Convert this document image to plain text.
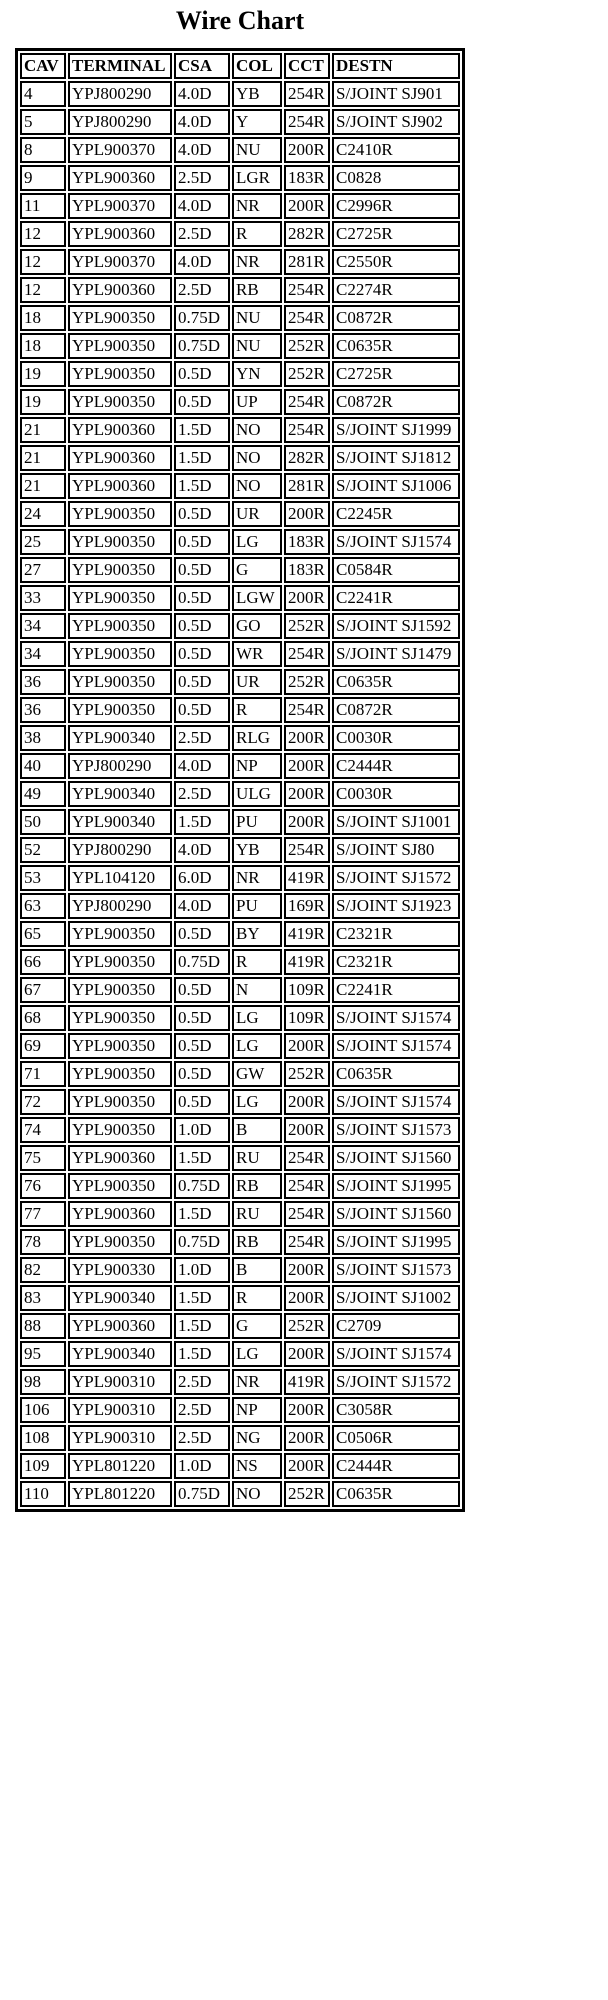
Wire Chart
CAV	TERMINAL	CSA	COL	CCT	DESTN
4	YPJ800290	4.0D	YB	254R	S/JOINT SJ901
5	YPJ800290	4.0D	Y	254R	S/JOINT SJ902
8	YPL900370	4.0D	NU	200R	C2410R
9	YPL900360	2.5D	LGR	183R	C0828
11	YPL900370	4.0D	NR	200R	C2996R
12	YPL900360	2.5D	R	282R	C2725R
12	YPL900370	4.0D	NR	281R	C2550R
12	YPL900360	2.5D	RB	254R	C2274R
18	YPL900350	0.75D	NU	254R	C0872R
18	YPL900350	0.75D	NU	252R	C0635R
19	YPL900350	0.5D	YN	252R	C2725R
19	YPL900350	0.5D	UP	254R	C0872R
21	YPL900360	1.5D	NO	254R	S/JOINT SJ1999
21	YPL900360	1.5D	NO	282R	S/JOINT SJ1812
21	YPL900360	1.5D	NO	281R	S/JOINT SJ1006
24	YPL900350	0.5D	UR	200R	C2245R
25	YPL900350	0.5D	LG	183R	S/JOINT SJ1574
27	YPL900350	0.5D	G	183R	C0584R
33	YPL900350	0.5D	LGW	200R	C2241R
34	YPL900350	0.5D	GO	252R	S/JOINT SJ1592
34	YPL900350	0.5D	WR	254R	S/JOINT SJ1479
36	YPL900350	0.5D	UR	252R	C0635R
36	YPL900350	0.5D	R	254R	C0872R
38	YPL900340	2.5D	RLG	200R	C0030R
40	YPJ800290	4.0D	NP	200R	C2444R
49	YPL900340	2.5D	ULG	200R	C0030R
50	YPL900340	1.5D	PU	200R	S/JOINT SJ1001
52	YPJ800290	4.0D	YB	254R	S/JOINT SJ80
53	YPL104120	6.0D	NR	419R	S/JOINT SJ1572
63	YPJ800290	4.0D	PU	169R	S/JOINT SJ1923
65	YPL900350	0.5D	BY	419R	C2321R
66	YPL900350	0.75D	R	419R	C2321R
67	YPL900350	0.5D	N	109R	C2241R
68	YPL900350	0.5D	LG	109R	S/JOINT SJ1574
69	YPL900350	0.5D	LG	200R	S/JOINT SJ1574
71	YPL900350	0.5D	GW	252R	C0635R
72	YPL900350	0.5D	LG	200R	S/JOINT SJ1574
74	YPL900350	1.0D	B	200R	S/JOINT SJ1573
75	YPL900360	1.5D	RU	254R	S/JOINT SJ1560
76	YPL900350	0.75D	RB	254R	S/JOINT SJ1995
77	YPL900360	1.5D	RU	254R	S/JOINT SJ1560
78	YPL900350	0.75D	RB	254R	S/JOINT SJ1995
82	YPL900330	1.0D	B	200R	S/JOINT SJ1573
83	YPL900340	1.5D	R	200R	S/JOINT SJ1002
88	YPL900360	1.5D	G	252R	C2709
95	YPL900340	1.5D	LG	200R	S/JOINT SJ1574
98	YPL900310	2.5D	NR	419R	S/JOINT SJ1572
106	YPL900310	2.5D	NP	200R	C3058R
108	YPL900310	2.5D	NG	200R	C0506R
109	YPL801220	1.0D	NS	200R	C2444R
110	YPL801220	0.75D	NO	252R	C0635R
